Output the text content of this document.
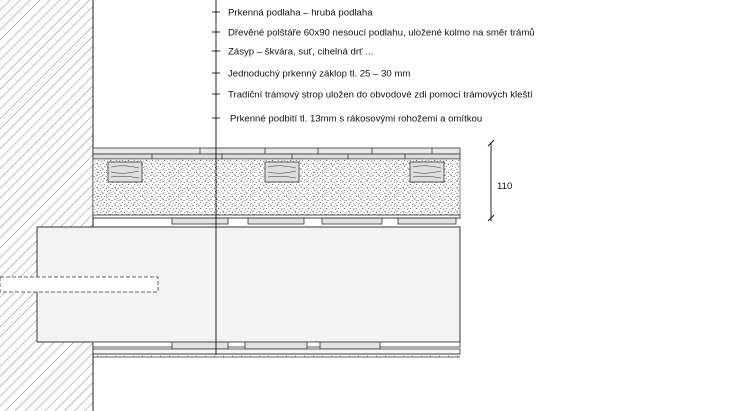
Prkenná podlaha – hrubá podlaha
Dřevěné polštáře 60x90 nesoucí podlahu, uložené kolmo na směr trámů
Zásyp – škvára, suť, cihelná drť ...
Jednoduchý prkenný záklop tl. 25 – 30 mm
Tradiční trámový strop uložen do obvodové zdi pomocí trámových kleští
Prkenné podbití tl. 13mm s rákosovými rohožemi a omítkou
110
